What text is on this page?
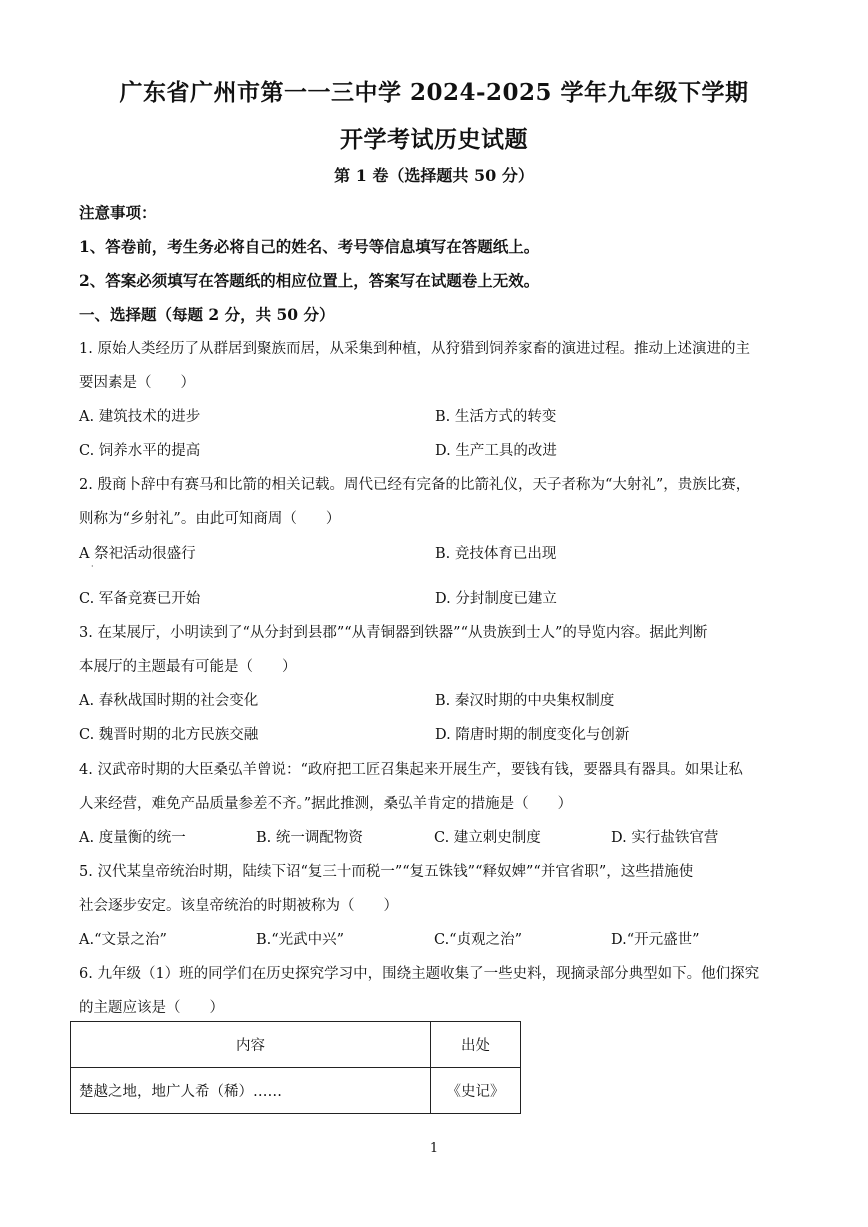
广东省广州市第一一三中学 2024-2025 学年九年级下学期
开学考试历史试题
第 1 卷（选择题共 50 分）
注意事项：
1、答卷前，考生务必将自己的姓名、考号等信息填写在答题纸上。
2、答案必须填写在答题纸的相应位置上，答案写在试题卷上无效。
一、选择题（每题 2 分，共 50 分）
1. 原始人类经历了从群居到聚族而居，从采集到种植，从狩猎到饲养家畜的演进过程。推动上述演进的主
要因素是（　　）
A. 建筑技术的进步	B. 生活方式的转变
C. 饲养水平的提高	D. 生产工具的改进
2. 殷商卜辞中有赛马和比箭的相关记载。周代已经有完备的比箭礼仪，天子者称为“大射礼”，贵族比赛，
则称为“乡射礼”。由此可知商周（　　）
A 祭祀活动很盛行
·
B. 竞技体育已出现
C. 军备竞赛已开始	D. 分封制度已建立
3. 在某展厅，小明读到了“从分封到县郡”“从青铜器到铁器”“从贵族到士人”的导览内容。据此判断
本展厅的主题最有可能是（　　）
A. 春秋战国时期的社会变化	B. 秦汉时期的中央集权制度
C. 魏晋时期的北方民族交融	D. 隋唐时期的制度变化与创新
4. 汉武帝时期的大臣桑弘羊曾说：“政府把工匠召集起来开展生产，要钱有钱，要器具有器具。如果让私
人来经营，难免产品质量参差不齐。”据此推测，桑弘羊肯定的措施是（　　）
A. 度量衡的统一	B. 统一调配物资	C. 建立刺史制度	D. 实行盐铁官营
5. 汉代某皇帝统治时期，陆续下诏“复三十而税一”“复五铢钱”“释奴婢”“并官省职”，这些措施使
社会逐步安定。该皇帝统治的时期被称为（　　）
A.“文景之治”	B.“光武中兴”	C.“贞观之治”	D.“开元盛世”
6. 九年级（1）班的同学们在历史探究学习中，围绕主题收集了一些史料，现摘录部分典型如下。他们探究
的主题应该是（　　）
内容	出处
楚越之地，地广人希（稀）……	《史记》
1
